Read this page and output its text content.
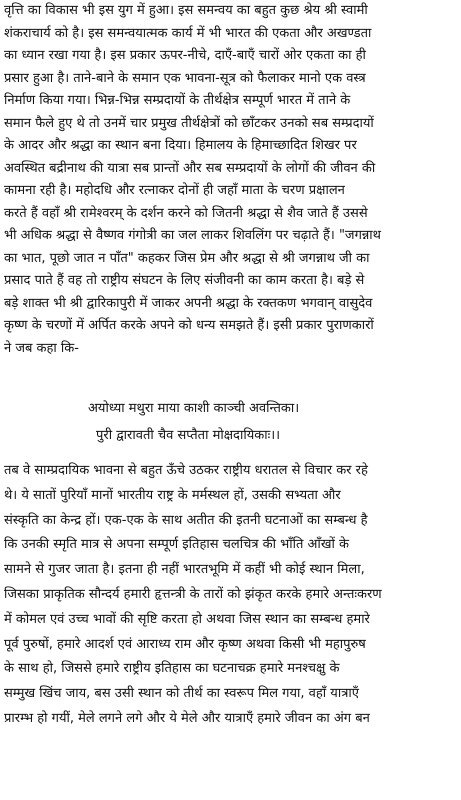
वृत्ति का विकास भी इस युग में हुआ। इस समन्वय का बहुत कुछ श्रेय श्री स्वामी
शंकराचार्य को है। इस समन्वयात्मक कार्य में भी भारत की एकता और अखण्डता
का ध्यान रखा गया है। इस प्रकार ऊपर-नीचे, दाएँ-बाएँ चारों ओर एकता का ही
प्रसार हुआ है। ताने-बाने के समान एक भावना-सूत्र को फैलाकर मानो एक वस्त्र
निर्माण किया गया। भिन्न-भिन्न सम्प्रदायों के तीर्थक्षेत्र सम्पूर्ण भारत में ताने के
समान फैले हुए थे तो उनमें चार प्रमुख तीर्थक्षेत्रों को छाँटकर उनको सब सम्प्रदायों
के आदर और श्रद्धा का स्थान बना दिया। हिमालय के हिमाच्छादित शिखर पर
अवस्थित बद्रीनाथ की यात्रा सब प्रान्तों और सब सम्प्रदायों के लोगों की जीवन की
कामना रही है। महोदधि और रत्नाकर दोनों ही जहाँ माता के चरण प्रक्षालन
करते हैं वहाँ श्री रामेश्वरम् के दर्शन करने को जितनी श्रद्धा से शैव जाते हैं उससे
भी अधिक श्रद्धा से वैष्णव गंगोत्री का जल लाकर शिवलिंग पर चढ़ाते हैं। "जगन्नाथ
का भात, पूछो जात न पाँत" कहकर जिस प्रेम और श्रद्धा से श्री जगन्नाथ जी का
प्रसाद पाते हैं वह तो राष्ट्रीय संघटन के लिए संजीवनी का काम करता है। बड़े से
बड़े शाक्त भी श्री द्वारिकापुरी में जाकर अपनी श्रद्धा के रक्तकण भगवान् वासुदेव
कृष्ण के चरणों में अर्पित करके अपने को धन्य समझते हैं। इसी प्रकार पुराणकारों
ने जब कहा कि-
अयोध्या मथुरा माया काशी काञ्ची अवन्तिका।
पुरी द्वारावती चैव सप्तैता मोक्षदायिकाः।।
तब वे साम्प्रदायिक भावना से बहुत ऊँचे उठकर राष्ट्रीय धरातल से विचार कर रहे
थे। ये सातों पुरियाँ मानों भारतीय राष्ट्र के मर्मस्थल हों, उसकी सभ्यता और
संस्कृति का केन्द्र हों। एक-एक के साथ अतीत की इतनी घटनाओं का सम्बन्ध है
कि उनकी स्मृति मात्र से अपना सम्पूर्ण इतिहास चलचित्र की भाँति आँखों के
सामने से गुजर जाता है। इतना ही नहीं भारतभूमि में कहीं भी कोई स्थान मिला,
जिसका प्राकृतिक सौन्दर्य हमारी हृत्तन्त्री के तारों को झंकृत करके हमारे अन्तःकरण
में कोमल एवं उच्च भावों की सृष्टि करता हो अथवा जिस स्थान का सम्बन्ध हमारे
पूर्व पुरुषों, हमारे आदर्श एवं आराध्य राम और कृष्ण अथवा किसी भी महापुरुष
के साथ हो, जिससे हमारे राष्ट्रीय इतिहास का घटनाचक्र हमारे मनश्चक्षु के
सम्मुख खिंच जाय, बस उसी स्थान को तीर्थ का स्वरूप मिल गया, वहाँ यात्राएँ
प्रारम्भ हो गयीं, मेले लगने लगे और ये मेले और यात्राएँ हमारे जीवन का अंग बन
